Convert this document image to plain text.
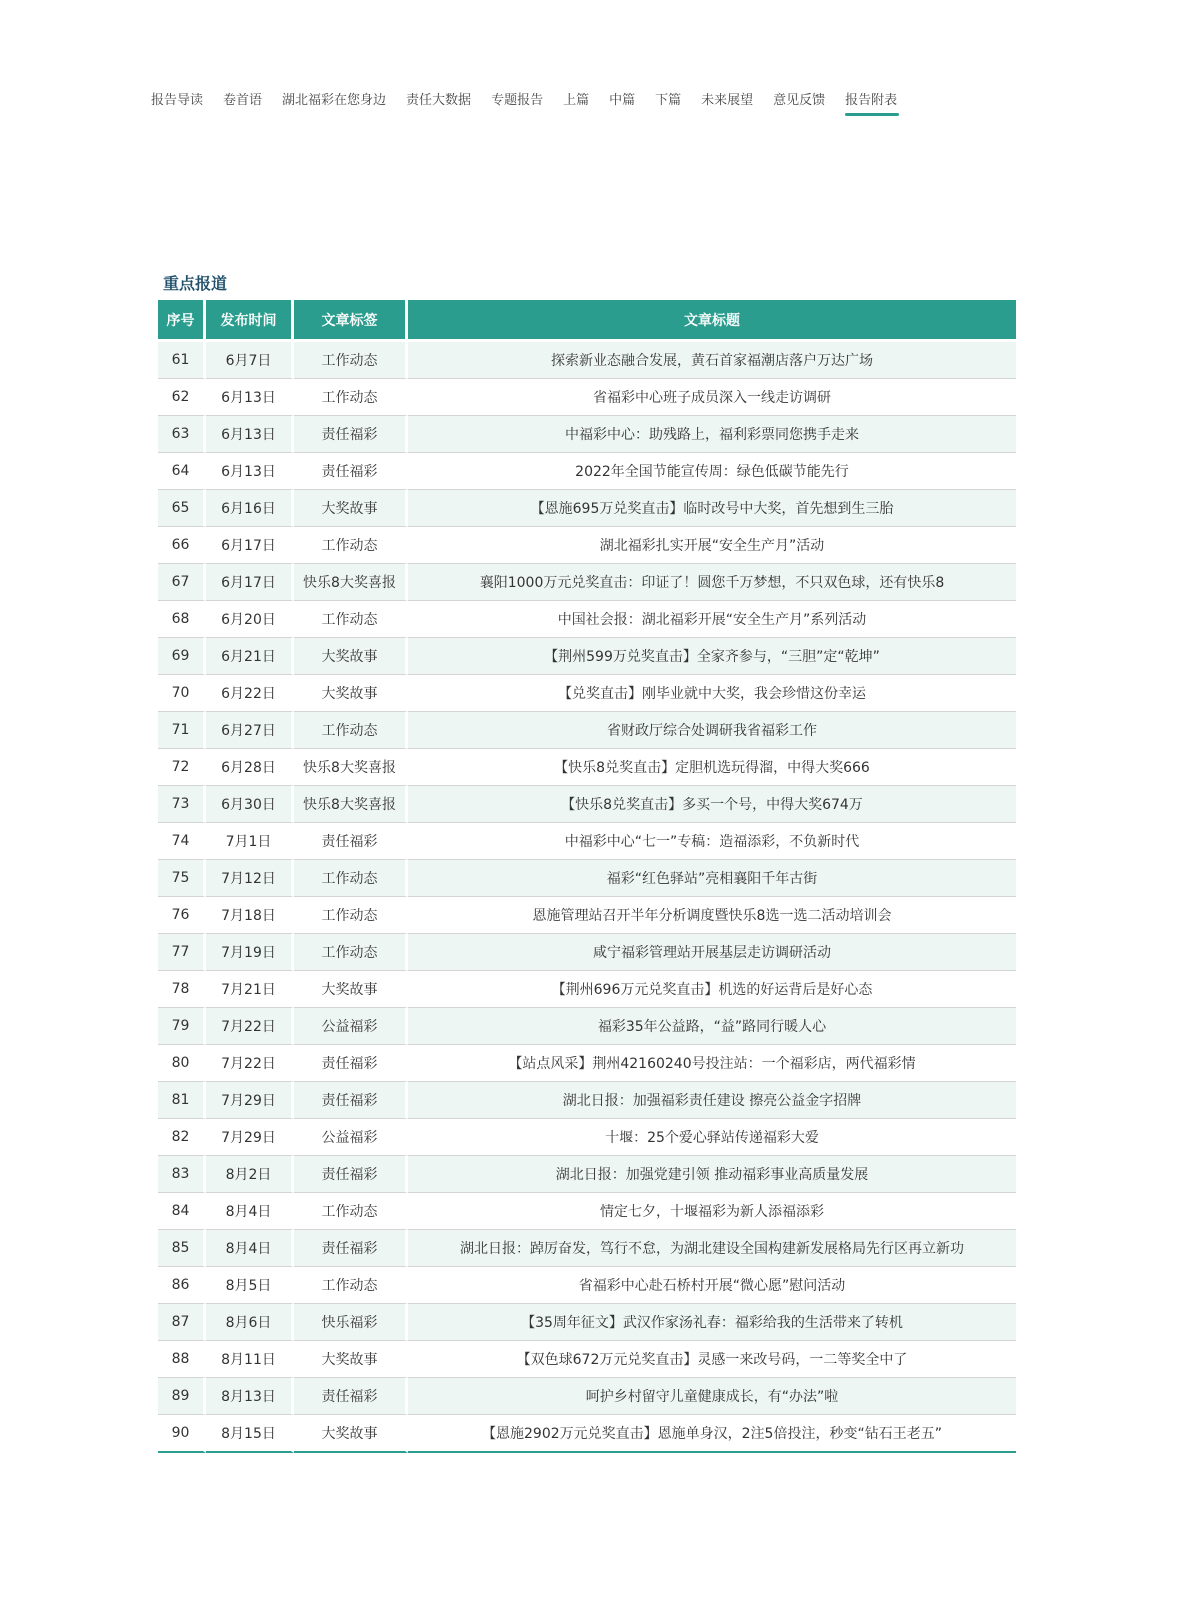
报告导读 卷首语 湖北福彩在您身边 责任大数据 专题报告 上篇 中篇 下篇 未来展望 意见反馈 报告附表
重点报道
序号	发布时间	文章标签	文章标题
61	6月7日	工作动态	探索新业态融合发展，黄石首家福潮店落户万达广场
62	6月13日	工作动态	省福彩中心班子成员深入一线走访调研
63	6月13日	责任福彩	中福彩中心：助残路上，福利彩票同您携手走来
64	6月13日	责任福彩	2022年全国节能宣传周：绿色低碳节能先行
65	6月16日	大奖故事	【恩施695万兑奖直击】临时改号中大奖，首先想到生三胎
66	6月17日	工作动态	湖北福彩扎实开展“安全生产月”活动
67	6月17日	快乐8大奖喜报	襄阳1000万元兑奖直击：印证了！圆您千万梦想，不只双色球，还有快乐8
68	6月20日	工作动态	中国社会报：湖北福彩开展“安全生产月”系列活动
69	6月21日	大奖故事	【荆州599万兑奖直击】全家齐参与，“三胆”定“乾坤”
70	6月22日	大奖故事	【兑奖直击】刚毕业就中大奖，我会珍惜这份幸运
71	6月27日	工作动态	省财政厅综合处调研我省福彩工作
72	6月28日	快乐8大奖喜报	【快乐8兑奖直击】定胆机选玩得溜，中得大奖666
73	6月30日	快乐8大奖喜报	【快乐8兑奖直击】多买一个号，中得大奖674万
74	7月1日	责任福彩	中福彩中心“七一”专稿：造福添彩，不负新时代
75	7月12日	工作动态	福彩“红色驿站”亮相襄阳千年古街
76	7月18日	工作动态	恩施管理站召开半年分析调度暨快乐8选一选二活动培训会
77	7月19日	工作动态	咸宁福彩管理站开展基层走访调研活动
78	7月21日	大奖故事	【荆州696万元兑奖直击】机选的好运背后是好心态
79	7月22日	公益福彩	福彩35年公益路，“益”路同行暖人心
80	7月22日	责任福彩	【站点风采】荆州42160240号投注站：一个福彩店，两代福彩情
81	7月29日	责任福彩	湖北日报：加强福彩责任建设 擦亮公益金字招牌
82	7月29日	公益福彩	十堰：25个爱心驿站传递福彩大爱
83	8月2日	责任福彩	湖北日报：加强党建引领 推动福彩事业高质量发展
84	8月4日	工作动态	情定七夕，十堰福彩为新人添福添彩
85	8月4日	责任福彩	湖北日报：踔厉奋发，笃行不怠，为湖北建设全国构建新发展格局先行区再立新功
86	8月5日	工作动态	省福彩中心赴石桥村开展“微心愿”慰问活动
87	8月6日	快乐福彩	【35周年征文】武汉作家汤礼春：福彩给我的生活带来了转机
88	8月11日	大奖故事	【双色球672万元兑奖直击】灵感一来改号码，一二等奖全中了
89	8月13日	责任福彩	呵护乡村留守儿童健康成长，有“办法”啦
90	8月15日	大奖故事	【恩施2902万元兑奖直击】恩施单身汉，2注5倍投注，秒变“钻石王老五”
